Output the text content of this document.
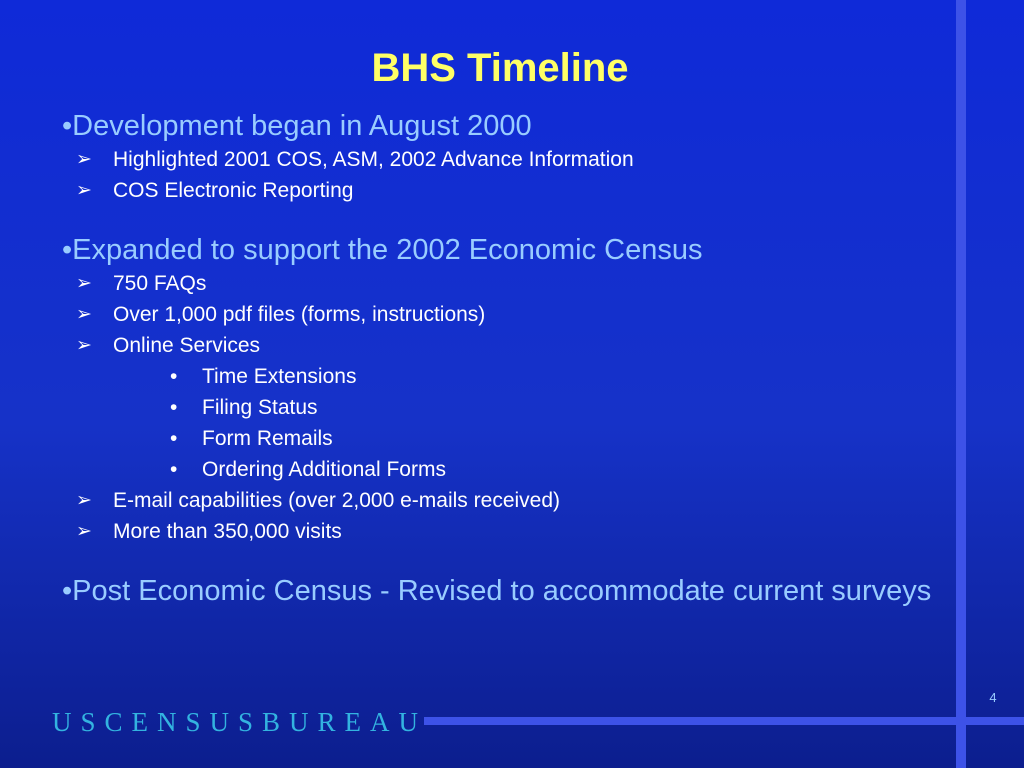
BHS Timeline
•Development began in August 2000
➢ Highlighted 2001 COS, ASM, 2002 Advance Information
➢ COS Electronic Reporting
•Expanded to support the 2002 Economic Census
➢ 750 FAQs
➢ Over 1,000 pdf files (forms, instructions)
➢ Online Services
• Time Extensions
• Filing Status
• Form Remails
• Ordering Additional Forms
➢ E-mail capabilities (over 2,000 e-mails received)
➢ More than 350,000 visits
•Post Economic Census - Revised to accommodate current surveys
USCENSUSBUREAU
4
